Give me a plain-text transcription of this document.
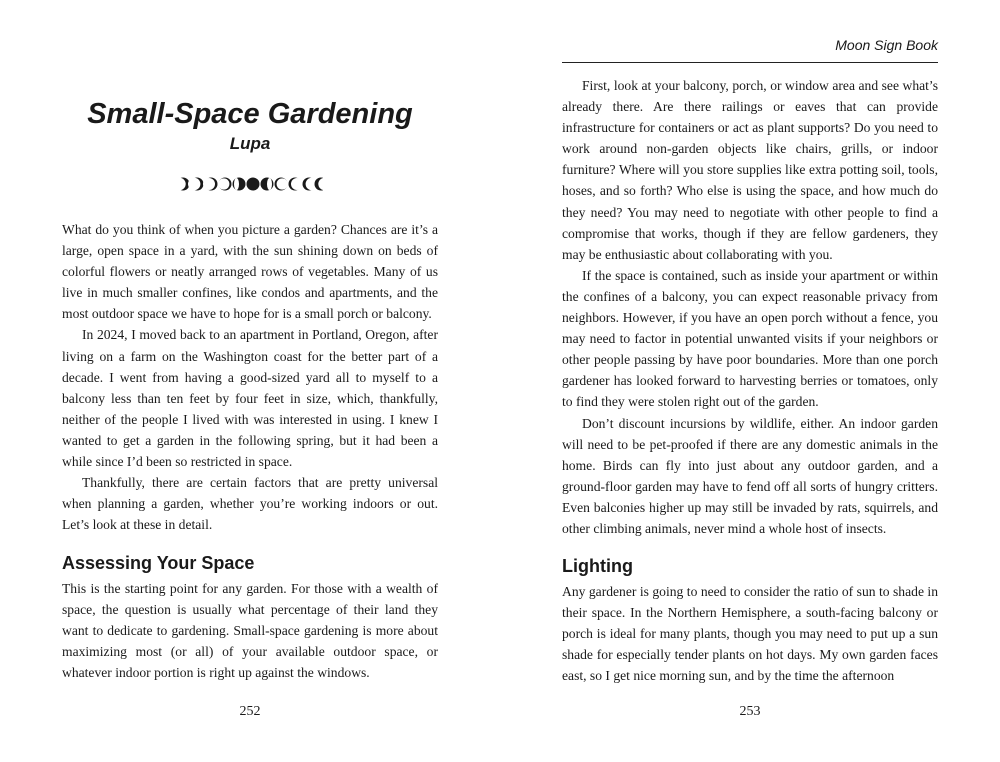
Small-Space Gardening
Lupa

What do you think of when you picture a garden? Chances are it’s a large, open space in a yard, with the sun shining down on beds of colorful flowers or neatly arranged rows of vegetables. Many of us live in much smaller confines, like condos and apartments, and the most outdoor space we have to hope for is a small porch or balcony.

In 2024, I moved back to an apartment in Portland, Oregon, after living on a farm on the Washington coast for the better part of a decade. I went from having a good-sized yard all to myself to a balcony less than ten feet by four feet in size, which, thankfully, neither of the people I lived with was interested in using. I knew I wanted to get a garden in the following spring, but it had been a while since I’d been so restricted in space.

Thankfully, there are certain factors that are pretty universal when planning a garden, whether you’re working indoors or out. Let’s look at these in detail.

Assessing Your Space

This is the starting point for any garden. For those with a wealth of space, the question is usually what percentage of their land they want to dedicate to gardening. Small-space gardening is more about maximizing most (or all) of your available outdoor space, or whatever indoor portion is right up against the windows.

252
Moon Sign Book

First, look at your balcony, porch, or window area and see what’s already there. Are there railings or eaves that can provide infrastructure for containers or act as plant supports? Do you need to work around non-garden objects like chairs, grills, or indoor furniture? Where will you store supplies like extra potting soil, tools, hoses, and so forth? Who else is using the space, and how much do they need? You may need to negotiate with other people to find a compromise that works, though if they are fellow gardeners, they may be enthusiastic about collaborating with you.

If the space is contained, such as inside your apartment or within the confines of a balcony, you can expect reasonable privacy from neighbors. However, if you have an open porch without a fence, you may need to factor in potential unwanted visits if your neighbors or other people passing by have poor boundaries. More than one porch gardener has looked forward to harvesting berries or tomatoes, only to find they were stolen right out of the garden.

Don’t discount incursions by wildlife, either. An indoor garden will need to be pet-proofed if there are any domestic animals in the home. Birds can fly into just about any outdoor garden, and a ground-floor garden may have to fend off all sorts of hungry critters. Even balconies higher up may still be invaded by rats, squirrels, and other climbing animals, never mind a whole host of insects.

Lighting

Any gardener is going to need to consider the ratio of sun to shade in their space. In the Northern Hemisphere, a south-facing balcony or porch is ideal for many plants, though you may need to put up a sun shade for especially tender plants on hot days. My own garden faces east, so I get nice morning sun, and by the time the afternoon

253
